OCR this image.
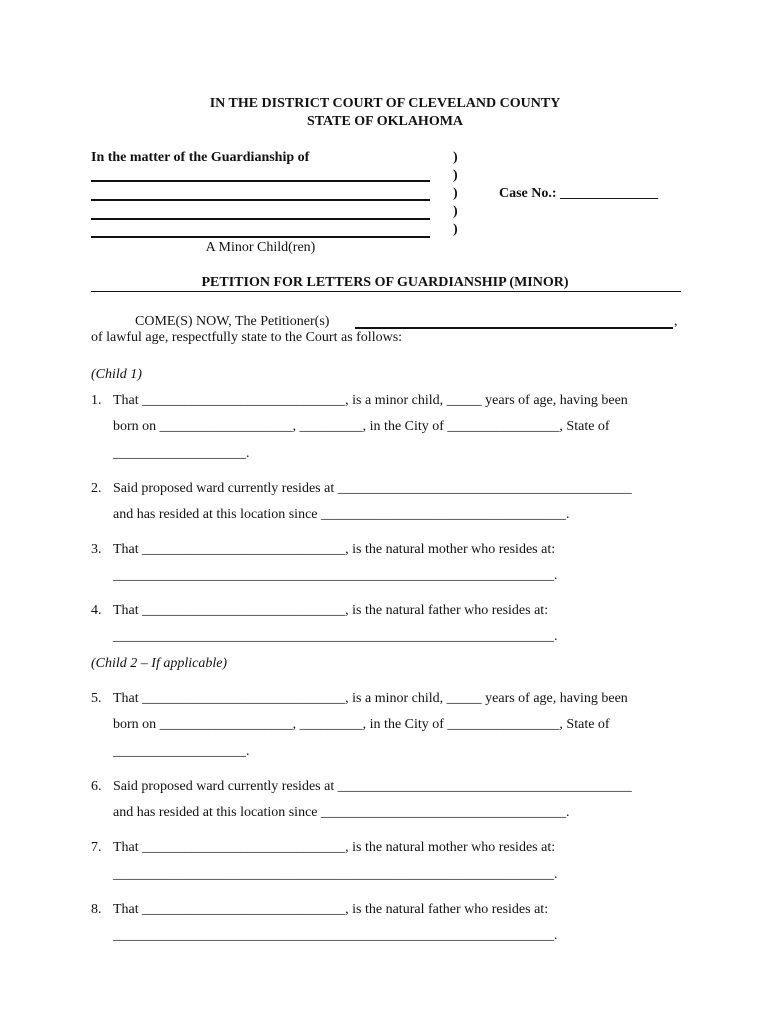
IN THE DISTRICT COURT OF CLEVELAND COUNTY
STATE OF OKLAHOMA
In the matter of the Guardianship of
A Minor Child(ren)
)
)
)
)
)
Case No.: ______________
PETITION FOR LETTERS OF GUARDIANSHIP (MINOR)
COME(S) NOW, The Petitioner(s)	,
of lawful age, respectfully state to the Court as follows:
(Child 1)
1. That _____________________________, is a minor child, _____ years of age, having been
born on ___________________, _________, in the City of ________________, State of
___________________.
2. Said proposed ward currently resides at __________________________________________
and has resided at this location since ___________________________________.
3. That _____________________________, is the natural mother who resides at:
_______________________________________________________________.
4. That _____________________________, is the natural father who resides at:
_______________________________________________________________.
(Child 2 – If applicable)
5. That _____________________________, is a minor child, _____ years of age, having been
born on ___________________, _________, in the City of ________________, State of
___________________.
6. Said proposed ward currently resides at __________________________________________
and has resided at this location since ___________________________________.
7. That _____________________________, is the natural mother who resides at:
_______________________________________________________________.
8. That _____________________________, is the natural father who resides at:
_______________________________________________________________.
